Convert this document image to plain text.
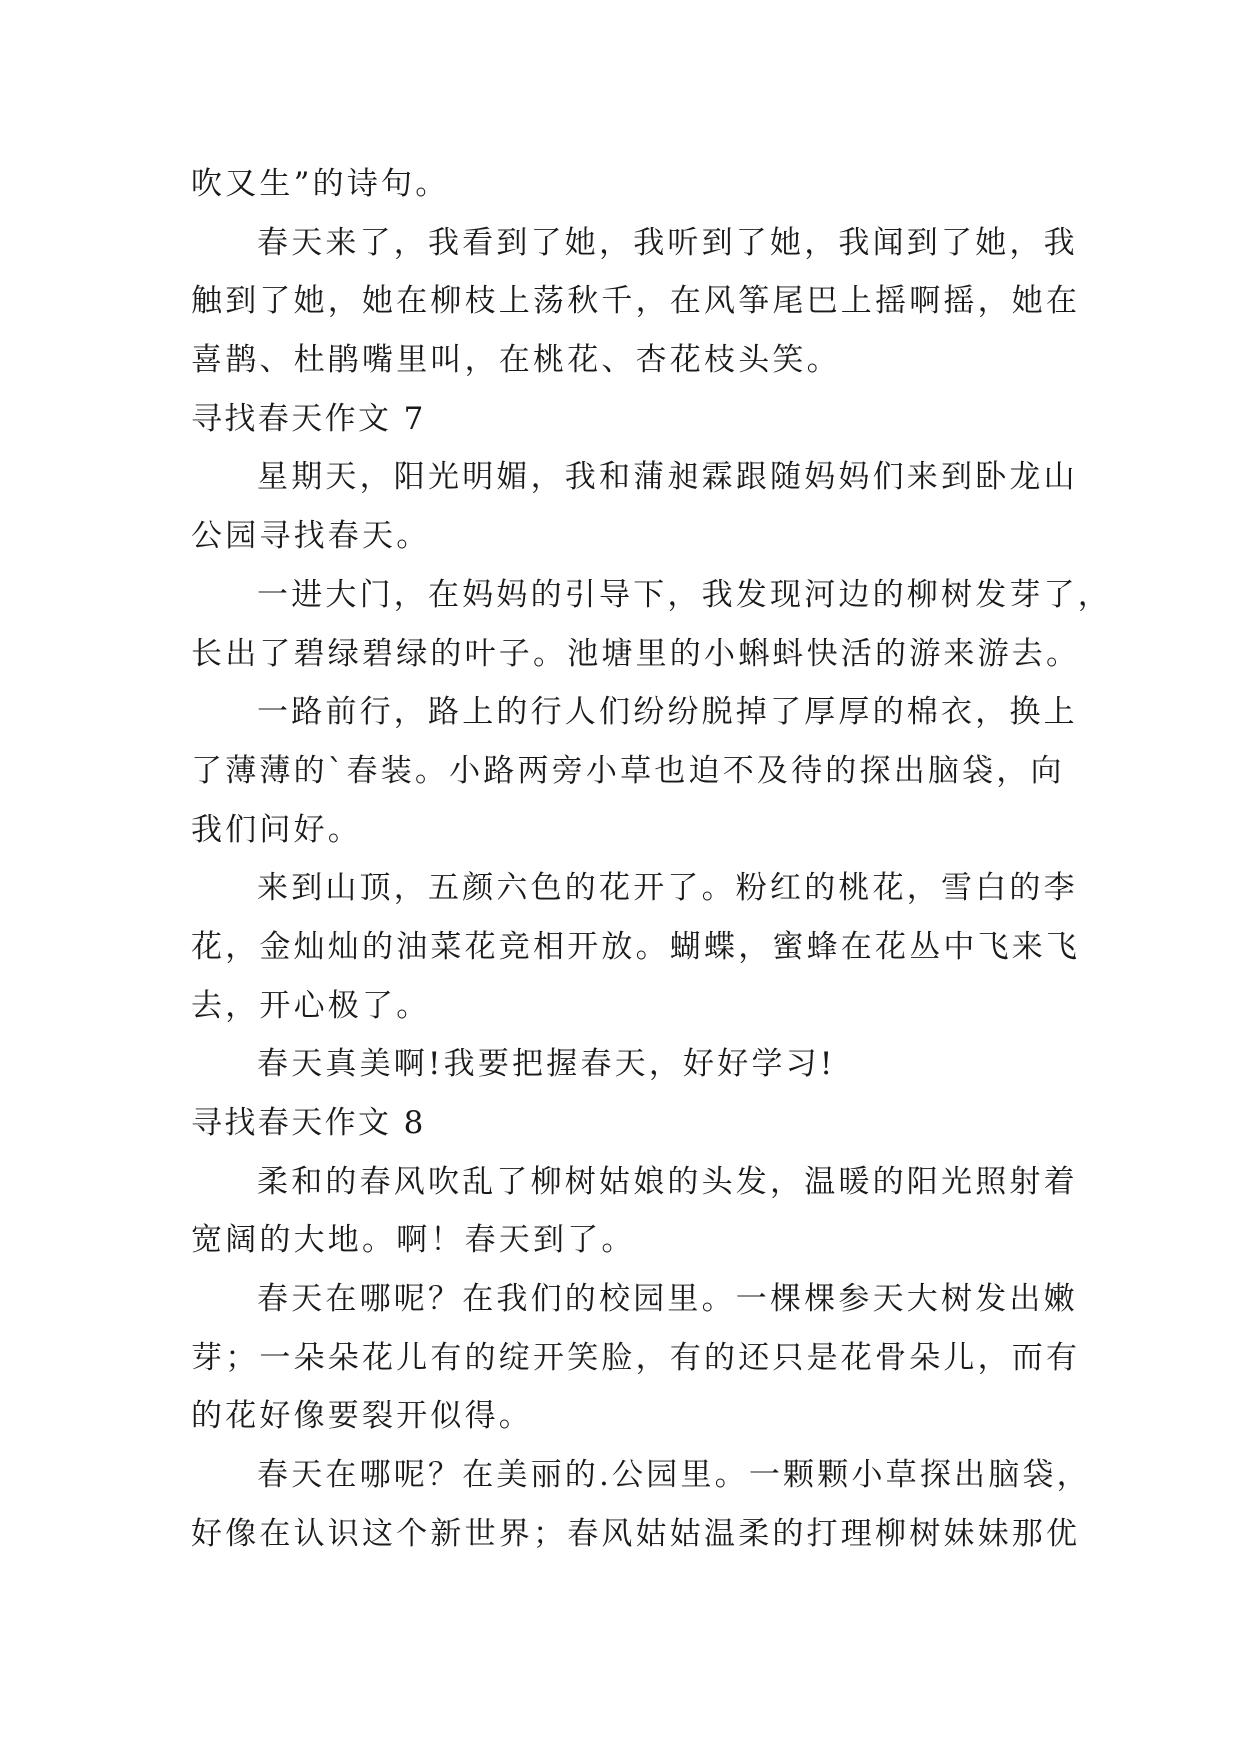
吹又生”的诗句。
春天来了，我看到了她，我听到了她，我闻到了她，我
触到了她，她在柳枝上荡秋千，在风筝尾巴上摇啊摇，她在
喜鹊、杜鹃嘴里叫，在桃花、杏花枝头笑。
寻找春天作文 7
星期天，阳光明媚，我和蒲昶霖跟随妈妈们来到卧龙山
公园寻找春天。
一进大门，在妈妈的引导下，我发现河边的柳树发芽了，
长出了碧绿碧绿的叶子。池塘里的小蝌蚪快活的游来游去。
一路前行，路上的行人们纷纷脱掉了厚厚的棉衣，换上
了薄薄的`春装。小路两旁小草也迫不及待的探出脑袋，向
我们问好。
来到山顶，五颜六色的花开了。粉红的桃花，雪白的李
花，金灿灿的油菜花竞相开放。蝴蝶，蜜蜂在花丛中飞来飞
去，开心极了。
春天真美啊!我要把握春天，好好学习!
寻找春天作文 8
柔和的春风吹乱了柳树姑娘的头发，温暖的阳光照射着
宽阔的大地。啊！春天到了。
春天在哪呢？在我们的校园里。一棵棵参天大树发出嫩
芽；一朵朵花儿有的绽开笑脸，有的还只是花骨朵儿，而有
的花好像要裂开似得。
春天在哪呢？在美丽的.公园里。一颗颗小草探出脑袋，
好像在认识这个新世界；春风姑姑温柔的打理柳树妹妹那优
